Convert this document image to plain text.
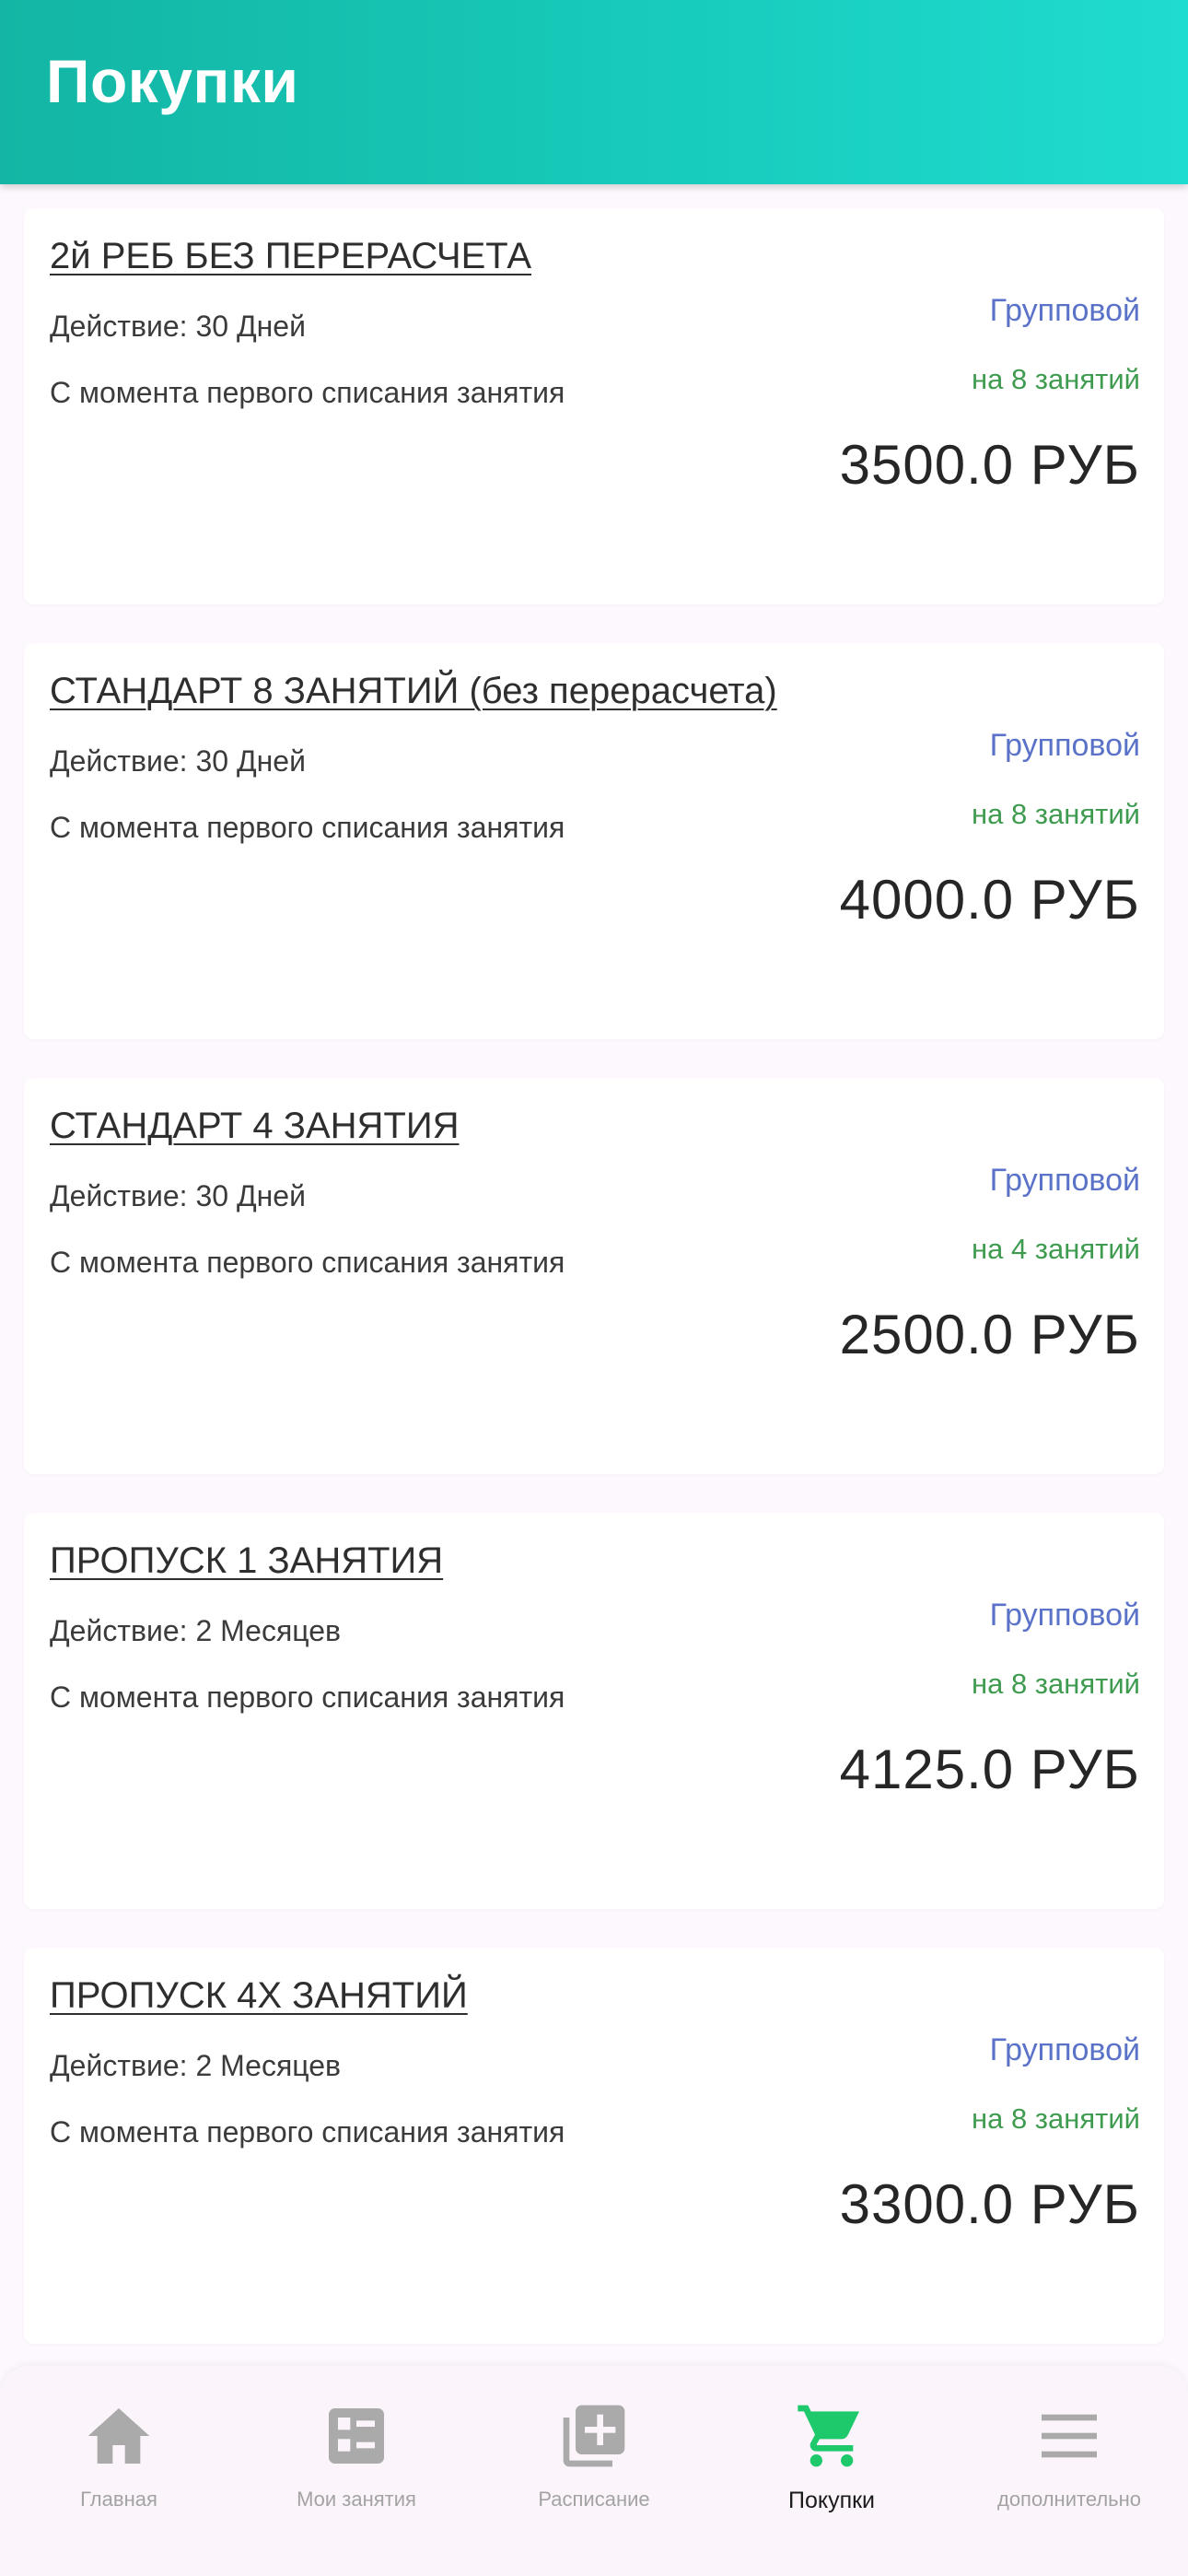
Покупки
2й РЕБ БЕЗ ПЕРЕРАСЧЕТА
Действие: 30 Дней
С момента первого списания занятия
Групповой
на 8 занятий
3500.0 РУБ
СТАНДАРТ 8 ЗАНЯТИЙ (без перерасчета)
Действие: 30 Дней
С момента первого списания занятия
Групповой
на 8 занятий
4000.0 РУБ
СТАНДАРТ 4 ЗАНЯТИЯ
Действие: 30 Дней
С момента первого списания занятия
Групповой
на 4 занятий
2500.0 РУБ
ПРОПУСК 1 ЗАНЯТИЯ
Действие: 2 Месяцев
С момента первого списания занятия
Групповой
на 8 занятий
4125.0 РУБ
ПРОПУСК 4Х ЗАНЯТИЙ
Действие: 2 Месяцев
С момента первого списания занятия
Групповой
на 8 занятий
3300.0 РУБ
Главная	Мои занятия	Расписание	Покупки	дополнительно
